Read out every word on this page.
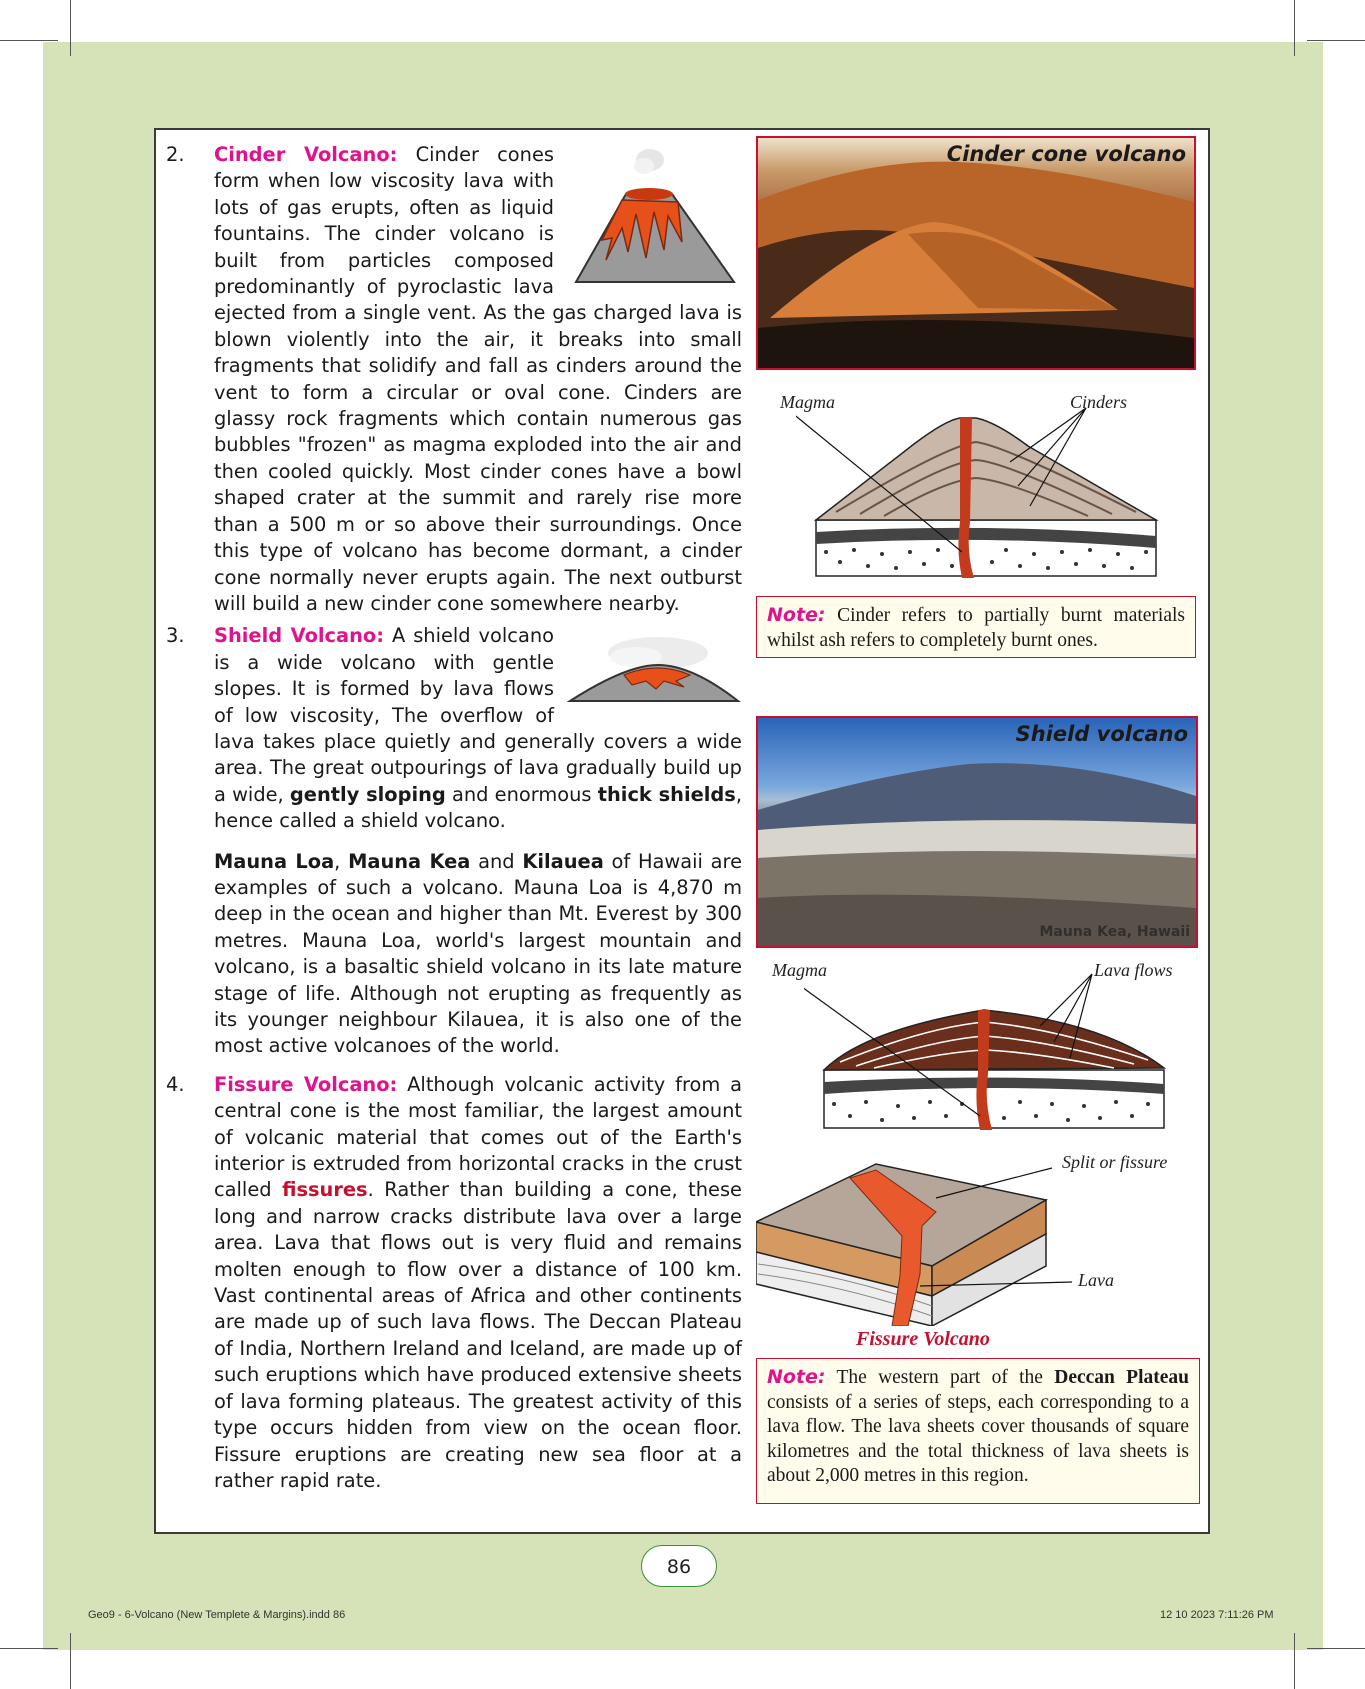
2.	Cinder Volcano: Cinder cones form when low viscosity lava with lots of gas erupts, often as liquid fountains. The cinder volcano is built from particles composed predominantly of pyroclastic lava ejected from a single vent. As the gas charged lava is blown violently into the air, it breaks into small fragments that solidify and fall as cinders around the vent to form a circular or oval cone. Cinders are glassy rock fragments which contain numerous gas bubbles "frozen" as magma exploded into the air and then cooled quickly. Most cinder cones have a bowl shaped crater at the summit and rarely rise more than a 500 m or so above their surroundings. Once this type of volcano has become dormant, a cinder cone normally never erupts again. The next outburst will build a new cinder cone somewhere nearby.

3.	Shield Volcano:
A shield volcano is a wide volcano with gentle slopes. It is formed by lava flows of low viscosity, The overflow of lava takes place quietly and generally covers a wide area. The great outpourings of lava gradually build up a wide, gently sloping and enormous thick shields, hence called a shield volcano.

Mauna Loa, Mauna Kea and Kilauea of Hawaii are examples of such a volcano. Mauna Loa is 4,870 m deep in the ocean and higher than Mt. Everest by 300 metres. Mauna Loa, world's largest mountain and volcano, is a basaltic shield volcano in its late mature stage of life. Although not erupting as frequently as its younger neighbour Kilauea, it is also one of the most active volcanoes of the world.

4.	Fissure Volcano: Although volcanic activity from a central cone is the most familiar, the largest amount of volcanic material that comes out of the Earth's interior is extruded from horizontal cracks in the crust called fissures. Rather than building a cone, these long and narrow cracks distribute lava over a large area. Lava that flows out is very fluid and remains molten enough to flow over a distance of 100 km. Vast continental areas of Africa and other continents are made up of such lava flows. The Deccan Plateau of India, Northern Ireland and Iceland, are made up of such eruptions which have produced extensive sheets of lava forming plateaus. The greatest activity of this type occurs hidden from view on the ocean floor. Fissure eruptions are creating new sea floor at a rather rapid rate.

Cinder cone volcano
Magma	Cinders
Note: Cinder refers to partially burnt materials whilst ash refers to completely burnt ones.
Shield volcano
Mauna Kea, Hawaii
Magma	Lava flows
Split or fissure
Lava
Fissure Volcano
Note: The western part of the Deccan Plateau consists of a series of steps, each corresponding to a lava flow. The lava sheets cover thousands of square kilometres and the total thickness of lava sheets is about 2,000 metres in this region.
86
Geo9 - 6-Volcano (New Templete & Margins).indd 86	12 10 2023 7:11:26 PM
